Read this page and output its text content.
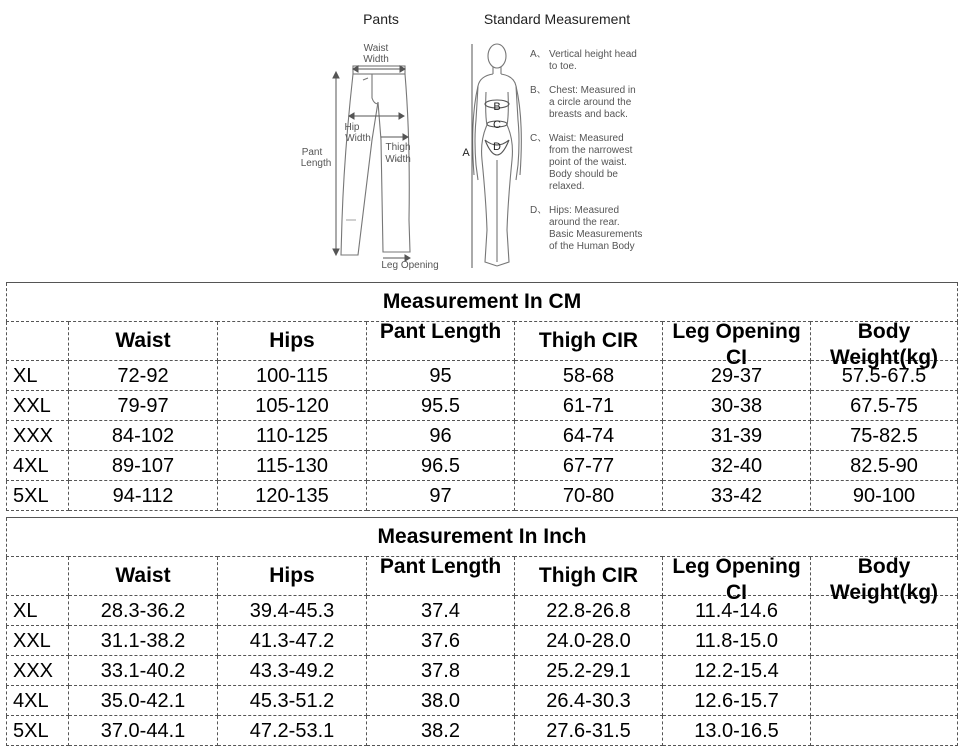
Pants	Standard Measurement
Waist
Width
Hip
Width
Thigh
Width
Pant
Length
Leg Opening
A
B
C
D
A、 Vertical height head
to toe.
B、 Chest: Measured in
a circle around the
breasts and back.
C、 Waist: Measured
from the narrowest
point of the waist.
Body should be
relaxed.
D、 Hips: Measured
around the rear.
Basic Measurements
of the Human Body
Measurement In CM						
	Waist	Hips	Pant Length	Thigh CIR	Leg Opening CI	Body Weight(kg)

XL	72-92	100-115	95	58-68	29-37	57.5-67.5
XXL	79-97	105-120	95.5	61-71	30-38	67.5-75
XXX	84-102	110-125	96	64-74	31-39	75-82.5
4XL	89-107	115-130	96.5	67-77	32-40	82.5-90
5XL	94-112	120-135	97	70-80	33-42	90-100
Measurement In Inch						
	Waist	Hips	Pant Length	Thigh CIR	Leg Opening CI	Body Weight(kg)

XL	28.3-36.2	39.4-45.3	37.4	22.8-26.8	11.4-14.6	
XXL	31.1-38.2	41.3-47.2	37.6	24.0-28.0	11.8-15.0	
XXX	33.1-40.2	43.3-49.2	37.8	25.2-29.1	12.2-15.4	
4XL	35.0-42.1	45.3-51.2	38.0	26.4-30.3	12.6-15.7	
5XL	37.0-44.1	47.2-53.1	38.2	27.6-31.5	13.0-16.5	
